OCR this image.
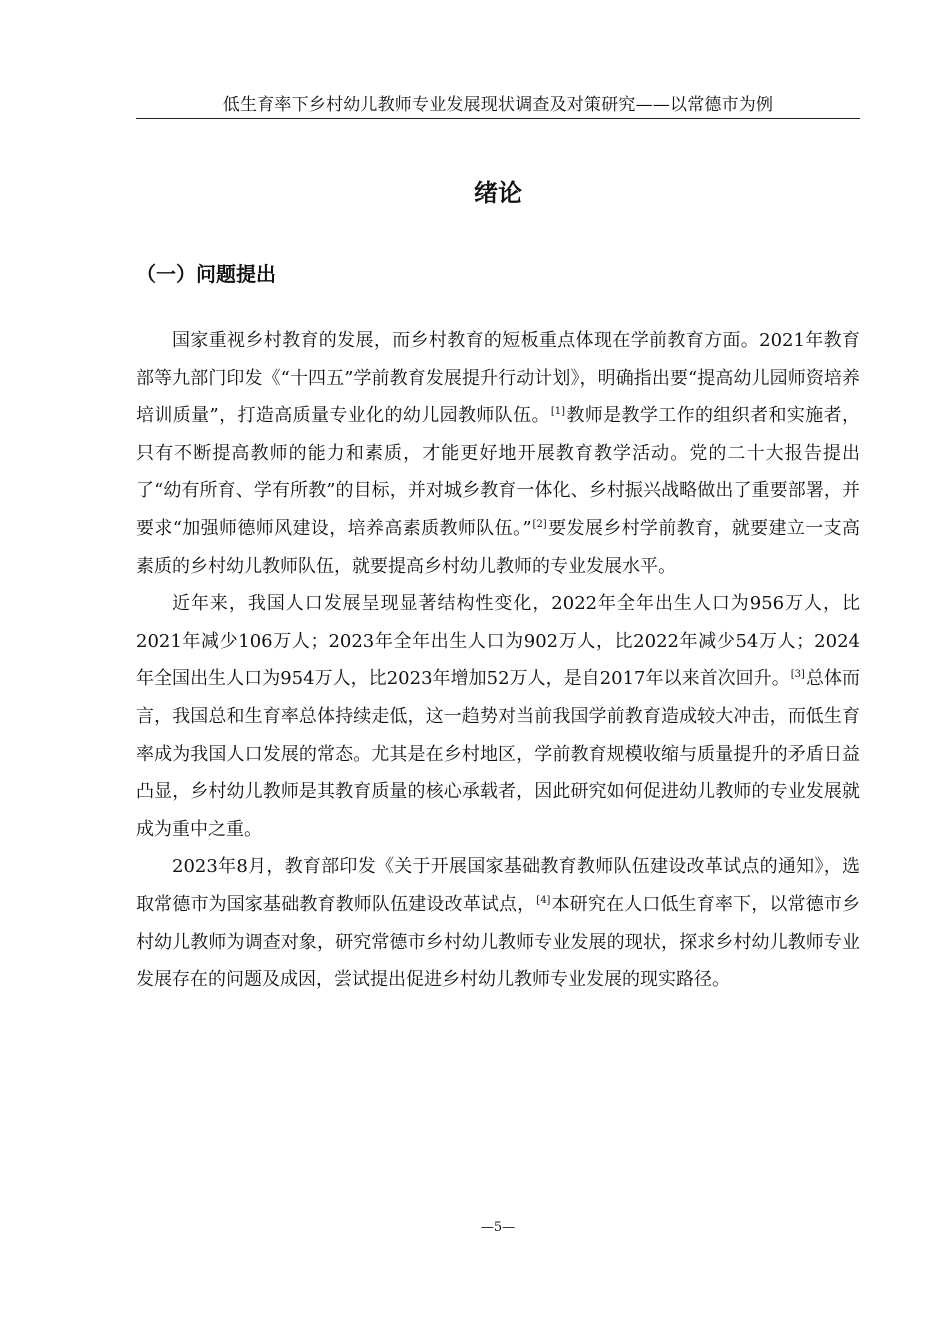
低生育率下乡村幼儿教师专业发展现状调查及对策研究——以常德市为例
绪论
（一）问题提出

国家重视乡村教育的发展，而乡村教育的短板重点体现在学前教育方面。2021年教育部等九部门印发《“十四五”学前教育发展提升行动计划》，明确指出要“提高幼儿园师资培养培训质量”，打造高质量专业化的幼儿园教师队伍。[1]教师是教学工作的组织者和实施者，只有不断提高教师的能力和素质，才能更好地开展教育教学活动。党的二十大报告提出了“幼有所育、学有所教”的目标，并对城乡教育一体化、乡村振兴战略做出了重要部署，并要求“加强师德师风建设，培养高素质教师队伍。”[2]要发展乡村学前教育，就要建立一支高素质的乡村幼儿教师队伍，就要提高乡村幼儿教师的专业发展水平。

近年来，我国人口发展呈现显著结构性变化，2022年全年出生人口为956万人，比2021年减少106万人；2023年全年出生人口为902万人，比2022年减少54万人；2024年全国出生人口为954万人，比2023年增加52万人，是自2017年以来首次回升。[3]总体而言，我国总和生育率总体持续走低，这一趋势对当前我国学前教育造成较大冲击，而低生育率成为我国人口发展的常态。尤其是在乡村地区，学前教育规模收缩与质量提升的矛盾日益凸显，乡村幼儿教师是其教育质量的核心承载者，因此研究如何促进幼儿教师的专业发展就成为重中之重。

2023年8月，教育部印发《关于开展国家基础教育教师队伍建设改革试点的通知》，选取常德市为国家基础教育教师队伍建设改革试点，[4]本研究在人口低生育率下，以常德市乡村幼儿教师为调查对象，研究常德市乡村幼儿教师专业发展的现状，探求乡村幼儿教师专业发展存在的问题及成因，尝试提出促进乡村幼儿教师专业发展的现实路径。

—5—
